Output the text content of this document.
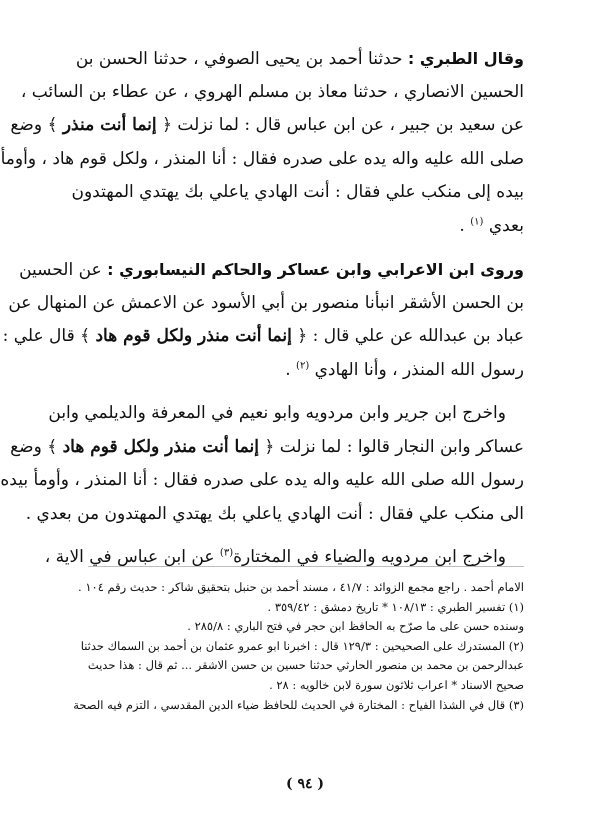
وقال الطبري : حدثنا أحمد بن يحيى الصوفي ، حدثنا الحسن بن
الحسين الانصاري ، حدثنا معاذ بن مسلم الهروي ، عن عطاء بن السائب ،
عن سعيد بن جبير ، عن ابن عباس قال : لما نزلت ﴿ إنما أنت منذر ﴾ وضع
صلى الله عليه واله يده على صدره فقال : أنا المنذر ، ولكل قوم هاد ، وأومأ
بيده إلى منكب علي فقال : أنت الهادي ياعلي بك يهتدي المهتدون
بعدي $^{(١)}$ .
وروى ابن الاعرابي وابن عساكر والحاكم النيسابوري : عن الحسين
بن الحسن الأشقر انبأنا منصور بن أبي الأسود عن الاعمش عن المنهال عن
عباد بن عبدالله عن علي قال : ﴿ إنما أنت منذر ولكل قوم هاد ﴾ قال علي :
رسول الله المنذر ، وأنا الهادي $^{(٢)}$ .
واخرج ابن جرير وابن مردويه وابو نعيم في المعرفة والديلمي وابن
عساكر وابن النجار قالوا : لما نزلت ﴿ إنما أنت منذر ولكل قوم هاد ﴾ وضع
رسول الله صلى الله عليه واله يده على صدره فقال : أنا المنذر ، وأومأ بيده
الى منكب علي فقال : أنت الهادي ياعلي بك يهتدي المهتدون من بعدي .
واخرج ابن مردويه والضياء في المختارة$^{(٣)}$ عن ابن عباس في الاية ،
الامام أحمد . راجع مجمع الزوائد : ٤١/٧ ، مسند أحمد بن حنبل بتحقيق شاكر : حديث رقم ١٠٤ .
(١) تفسير الطبري : ١٠٨/١٣ * تاريخ دمشق : ٣٥٩/٤٢ .
وسنده حسن على ما صرّح به الحافظ ابن حجر في فتح الباري : ٢٨٥/٨ .
(٢) المستدرك على الصحيحين : ١٢٩/٣ قال : اخبرنا ابو عمرو عثمان بن أحمد بن السماك حدثنا
عبدالرحمن بن محمد بن منصور الحارثي حدثنا حسين بن حسن الاشقر ... ثم قال : هذا حديث
صحيح الاسناد * اعراب ثلاثون سورة لابن خالويه : ٢٨ .
(٣) قال في الشذا الفياح : المختارة في الحديث للحافظ ضياء الدين المقدسي ، التزم فيه الصحة
( ٩٤ )
